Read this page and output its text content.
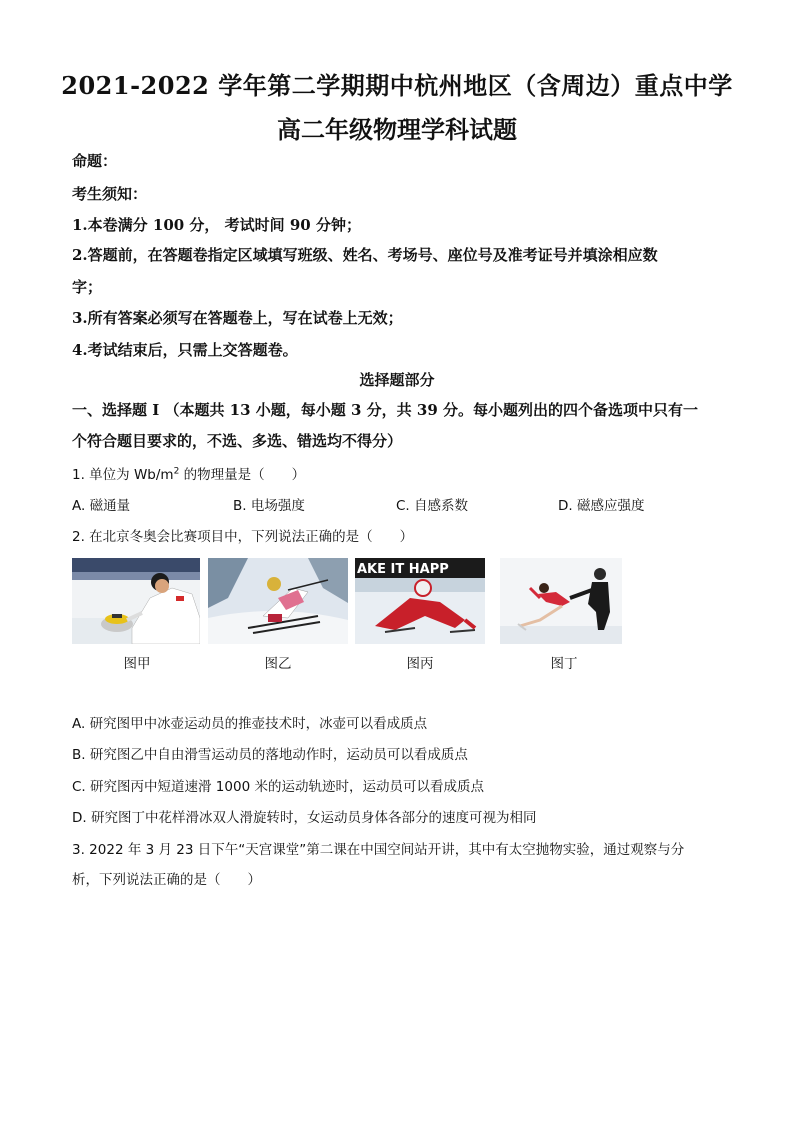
2021-2022 学年第二学期期中杭州地区（含周边）重点中学
高二年级物理学科试题
命题：
考生须知：
1.本卷满分 100 分， 考试时间 90 分钟；
2.答题前，在答题卷指定区域填写班级、姓名、考场号、座位号及准考证号并填涂相应数
字；
3.所有答案必须写在答题卷上，写在试卷上无效；
4.考试结束后，只需上交答题卷。
选择题部分
一、选择题 Ⅰ （本题共 13 小题，每小题 3 分，共 39 分。每小题列出的四个备选项中只有一
个符合题目要求的，不选、多选、错选均不得分）
1. 单位为 $Wb/m^2$ 的物理量是（　　）
A. 磁通量	B. 电场强度	C. 自感系数	D. 磁感应强度
2. 在北京冬奥会比赛项目中，下列说法正确的是（　　）
AKE IT HAPP
图甲	图乙	图丙	图丁
A. 研究图甲中冰壶运动员的推壶技术时，冰壶可以看成质点
B. 研究图乙中自由滑雪运动员的落地动作时，运动员可以看成质点
C. 研究图丙中短道速滑 1000 米的运动轨迹时，运动员可以看成质点
D. 研究图丁中花样滑冰双人滑旋转时，女运动员身体各部分的速度可视为相同
3. 2022 年 3 月 23 日下午“天宫课堂”第二课在中国空间站开讲，其中有太空抛物实验，通过观察与分
析，下列说法正确的是（　　）
